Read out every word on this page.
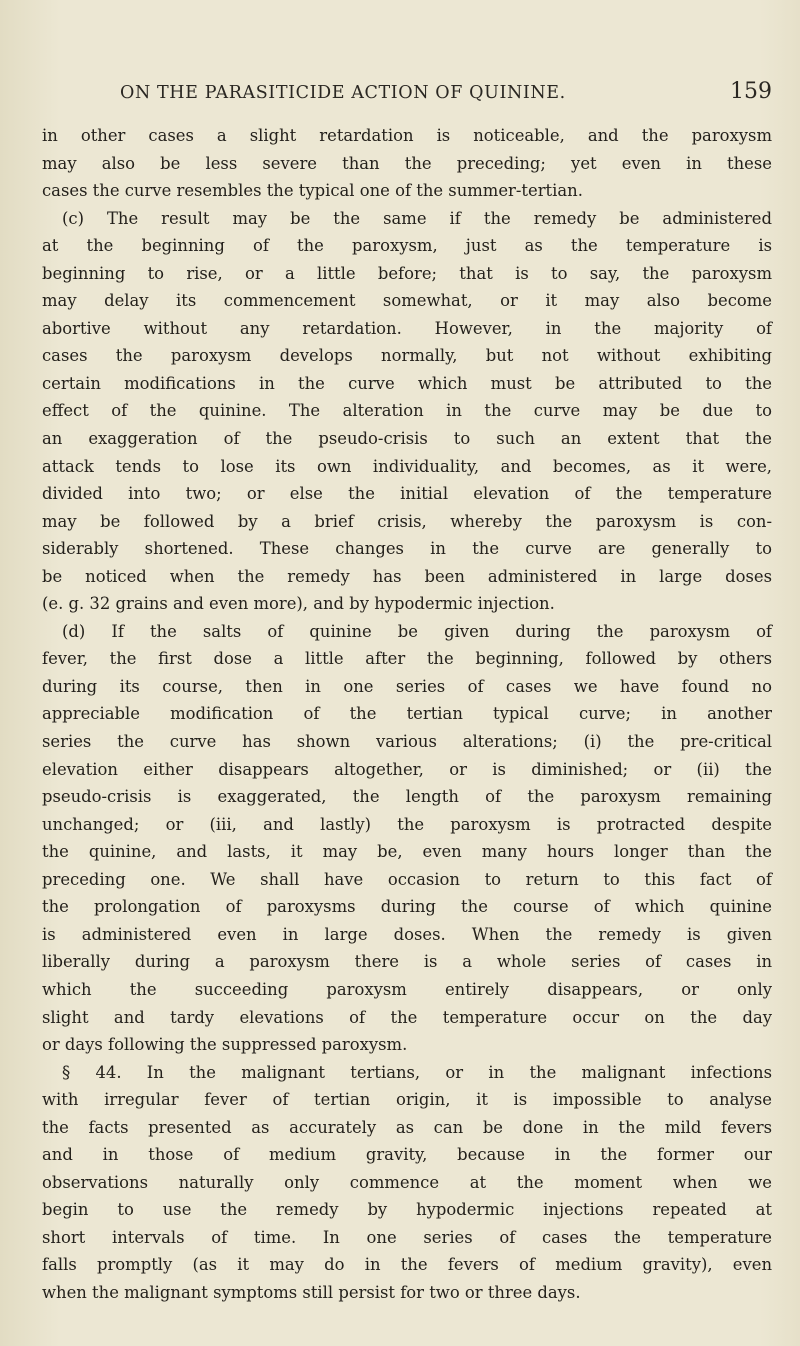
ON THE PARASITICIDE ACTION OF QUININE.	159
in other cases a slight retardation is noticeable, and the paroxysm
may also be less severe than the preceding; yet even in these
cases the curve resembles the typical one of the summer-tertian.
(c) The result may be the same if the remedy be administered
at the beginning of the paroxysm, just as the temperature is
beginning to rise, or a little before; that is to say, the paroxysm
may delay its commencement somewhat, or it may also become
abortive without any retardation. However, in the majority of
cases the paroxysm develops normally, but not without exhibiting
certain modifications in the curve which must be attributed to the
effect of the quinine. The alteration in the curve may be due to
an exaggeration of the pseudo-crisis to such an extent that the
attack tends to lose its own individuality, and becomes, as it were,
divided into two; or else the initial elevation of the temperature
may be followed by a brief crisis, whereby the paroxysm is con-
siderably shortened. These changes in the curve are generally to
be noticed when the remedy has been administered in large doses
(e. g. 32 grains and even more), and by hypodermic injection.
(d) If the salts of quinine be given during the paroxysm of
fever, the first dose a little after the beginning, followed by others
during its course, then in one series of cases we have found no
appreciable modification of the tertian typical curve; in another
series the curve has shown various alterations; (i) the pre-critical
elevation either disappears altogether, or is diminished; or (ii) the
pseudo-crisis is exaggerated, the length of the paroxysm remaining
unchanged; or (iii, and lastly) the paroxysm is protracted despite
the quinine, and lasts, it may be, even many hours longer than the
preceding one. We shall have occasion to return to this fact of
the prolongation of paroxysms during the course of which quinine
is administered even in large doses. When the remedy is given
liberally during a paroxysm there is a whole series of cases in
which the succeeding paroxysm entirely disappears, or only
slight and tardy elevations of the temperature occur on the day
or days following the suppressed paroxysm.
§ 44. In the malignant tertians, or in the malignant infections
with irregular fever of tertian origin, it is impossible to analyse
the facts presented as accurately as can be done in the mild fevers
and in those of medium gravity, because in the former our
observations naturally only commence at the moment when we
begin to use the remedy by hypodermic injections repeated at
short intervals of time. In one series of cases the temperature
falls promptly (as it may do in the fevers of medium gravity), even
when the malignant symptoms still persist for two or three days.
